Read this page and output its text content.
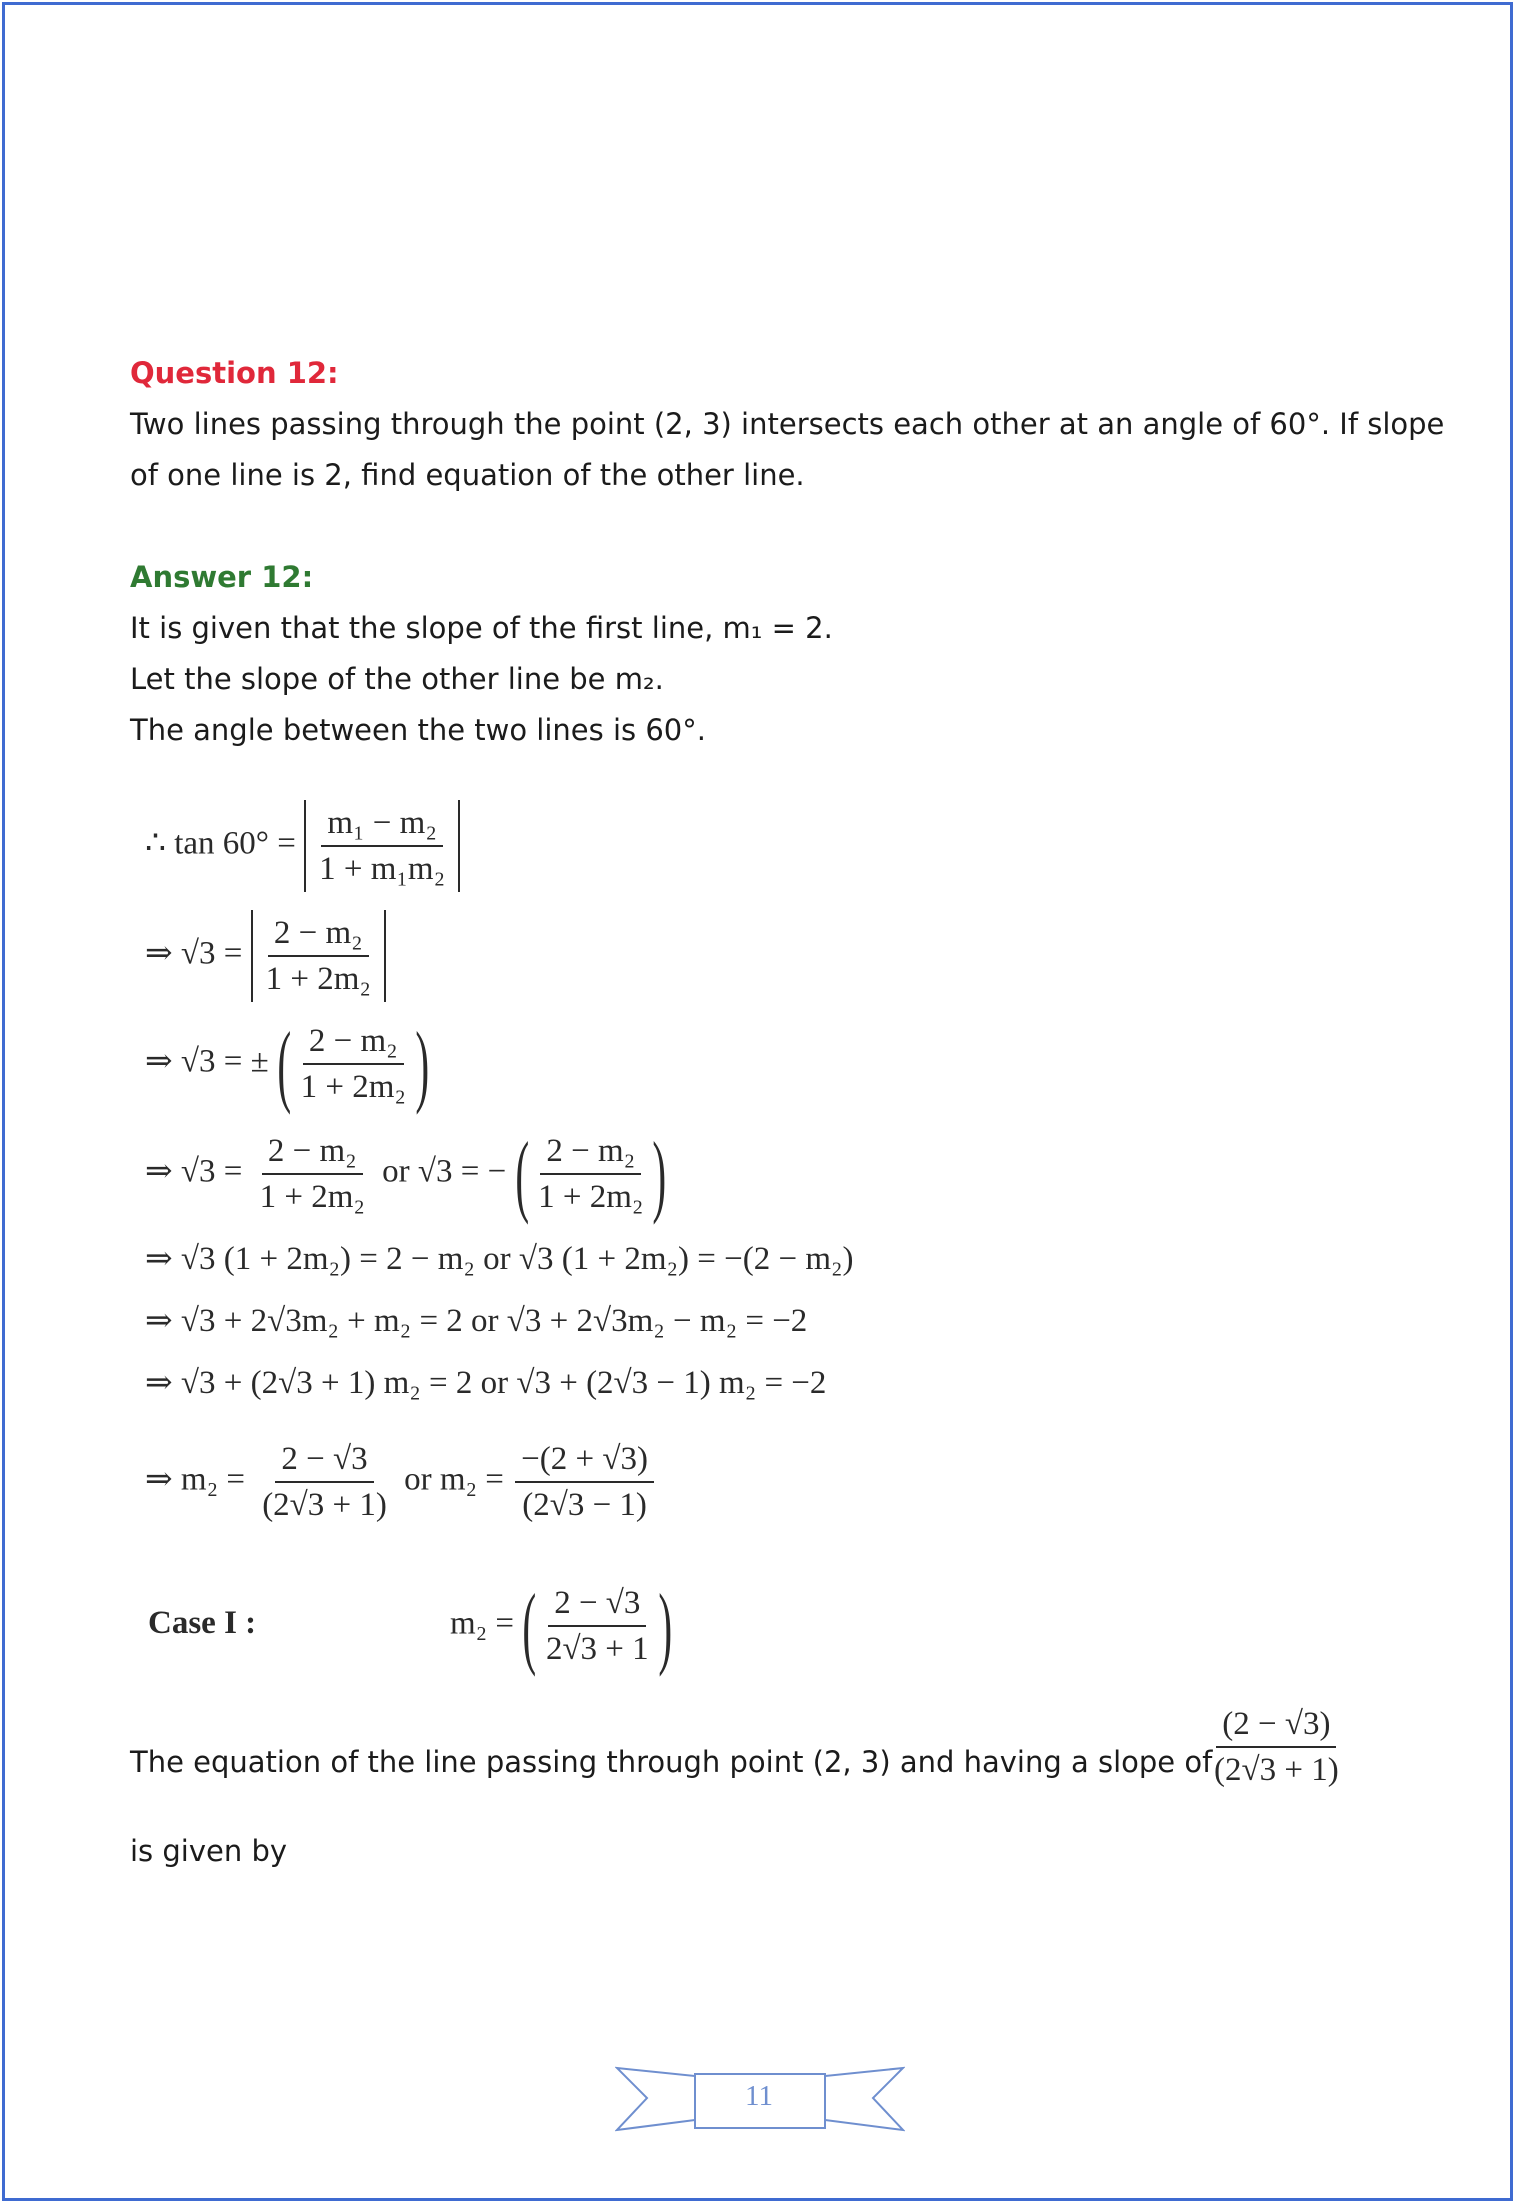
Question 12:

Two lines passing through the point (2, 3) intersects each other at an angle of 60°. If slope

of one line is 2, find equation of the other line.

Answer 12:

It is given that the slope of the first line, m₁ = 2.

Let the slope of the other line be m₂.

The angle between the two lines is 60°.

∴ $\tan 60^\circ = \frac{\text{m₁ − m₂}}{\text{1 + m₁m₂}}$
⇒ $√3 = \frac{\text{2 − m₂}}{\text{1 + 2m₂}}$
⇒ √3 = ± ( $\frac{\text{2 − m₂}}{\text{1 + 2m₂}}$ )
⇒ $√3 = \frac{\text{2 − m₂}}{\text{1 + 2m₂}}$ or √3 = − ( $\frac{\text{2 − m₂}}{\text{1 + 2m₂}}$ )
⇒ √3 (1 + 2m₂) = 2 − m₂ or √3 (1 + 2m₂) = −(2 − m₂)
⇒ √3 + 2√3m₂ + m₂ = 2 or √3 + 2√3m₂ − m₂ = −2
⇒ √3 + (2√3 + 1) m₂ = 2 or √3 + (2√3 − 1) m₂ = −2
⇒ $m_2 = \frac{2 - √3}{(2√3 + 1)}$ or $m_2 = \frac{-(2 + √3)}{(2√3 - 1)}$
Case I :	m₂ = ( $\frac{2 - √3}{2√3 + 1}$ )
The equation of the line passing through point (2, 3) and having a slope of
$\frac{(2 - √3)}{(2√3 + 1)}$
is given by
11
